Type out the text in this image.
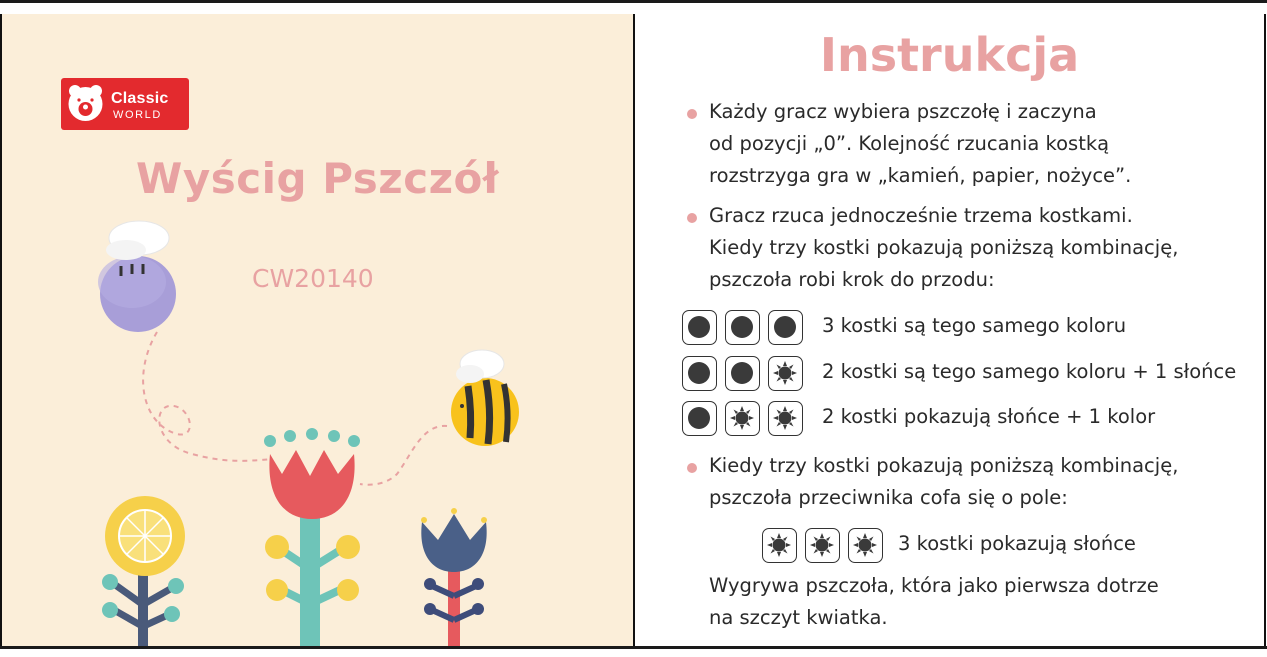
Classic
WORLD
Wyścig Pszczół
CW20140
Instrukcja
Każdy gracz wybiera pszczołę i zaczyna
od pozycji „0”. Kolejność rzucania kostką
rozstrzyga gra w „kamień, papier, nożyce”.
Gracz rzuca jednocześnie trzema kostkami.
Kiedy trzy kostki pokazują poniższą kombinację,
pszczoła robi krok do przodu:
3 kostki są tego samego koloru
2 kostki są tego samego koloru + 1 słońce
2 kostki pokazują słońce + 1 kolor
Kiedy trzy kostki pokazują poniższą kombinację,
pszczoła przeciwnika cofa się o pole:
3 kostki pokazują słońce
Wygrywa pszczoła, która jako pierwsza dotrze
na szczyt kwiatka.
